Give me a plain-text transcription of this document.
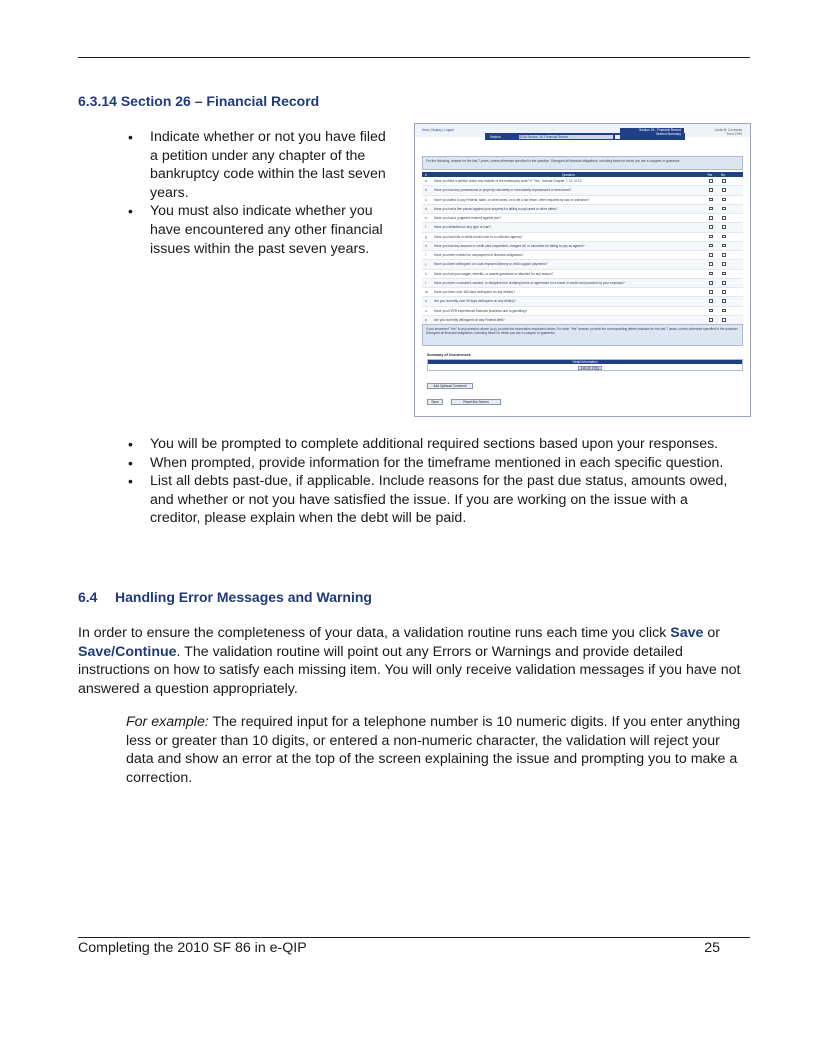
6.3.14 Section 26 – Financial Record
• Indicate whether or not you have filed a petition under any chapter of the bankruptcy code within the last seven years.
• You must also indicate whether you have encountered any other financial issues within the past seven years.
Help | Display | Logout
Section	SF86 Section 26: Financial Record
Section 26 - Financial Record
Section Summary
Linda M. Contreras
Form 1990
For the following, answer for the last 7 years, unless otherwise specified in the question. Disregard all financial obligations, including those for which you are a cosigner or guarantor.
#	Question	Yes	No
a. Have you filed a petition under any chapter of the bankruptcy code? If "Yes," include Chapter 7, 11, or 13.
b. Have you had any possessions or property voluntarily or involuntarily repossessed or foreclosed?
c. Have you failed to pay Federal, state, or other taxes, or to file a tax return, when required by law or ordinance?
d. Have you had a lien placed against your property for failing to pay taxes or other debts?
e. Have you had a judgment entered against you?
f. Have you defaulted on any type of loan?
g. Have you had bills or debts turned over to a collection agency?
h. Have you had any account or credit card suspended, charged off, or cancelled for failing to pay as agreed?
i. Have you been evicted for nonpayment of financial obligations?
j. Have you been delinquent on court-imposed alimony or child support payments?
k. Have you had your wages, benefits, or assets garnished or attached for any reason?
l. Have you been counseled, warned, or disciplined for violating terms of agreement for a travel or credit card provided by your employer?
m. Have you been over 180 days delinquent on any debt(s)?
n. Are you currently over 90 days delinquent on any debt(s)?
o. Have you EVER experienced financial problems due to gambling?
p. Are you currently delinquent on any Federal debt?
If you answered "Yes" to any question above (a-p), provide the information requested below. For each "Yes" answer, provide the corresponding letters indicator for the last 7 years, unless otherwise specified in the question. Disregard all financial obligations, including those for which you are a cosigner or guarantor.
Summary of Occurrences
Detail Information
Add an Entry
Add Optional Comment
Save	Reset this Screen
• You will be prompted to complete additional required sections based upon your responses.
• When prompted, provide information for the timeframe mentioned in each specific question.
• List all debts past-due, if applicable. Include reasons for the past due status, amounts owed, and whether or not you have satisfied the issue. If you are working on the issue with a creditor, please explain when the debt will be paid.
6.4 Handling Error Messages and Warning

In order to ensure the completeness of your data, a validation routine runs each time you click Save or Save/Continue. The validation routine will point out any Errors or Warnings and provide detailed instructions on how to satisfy each missing item. You will only receive validation messages if you have not answered a question appropriately.

For example: The required input for a telephone number is 10 numeric digits. If you enter anything less or greater than 10 digits, or entered a non-numeric character, the validation will reject your data and show an error at the top of the screen explaining the issue and prompting you to make a correction.

Completing the 2010 SF 86 in e-QIP	25
